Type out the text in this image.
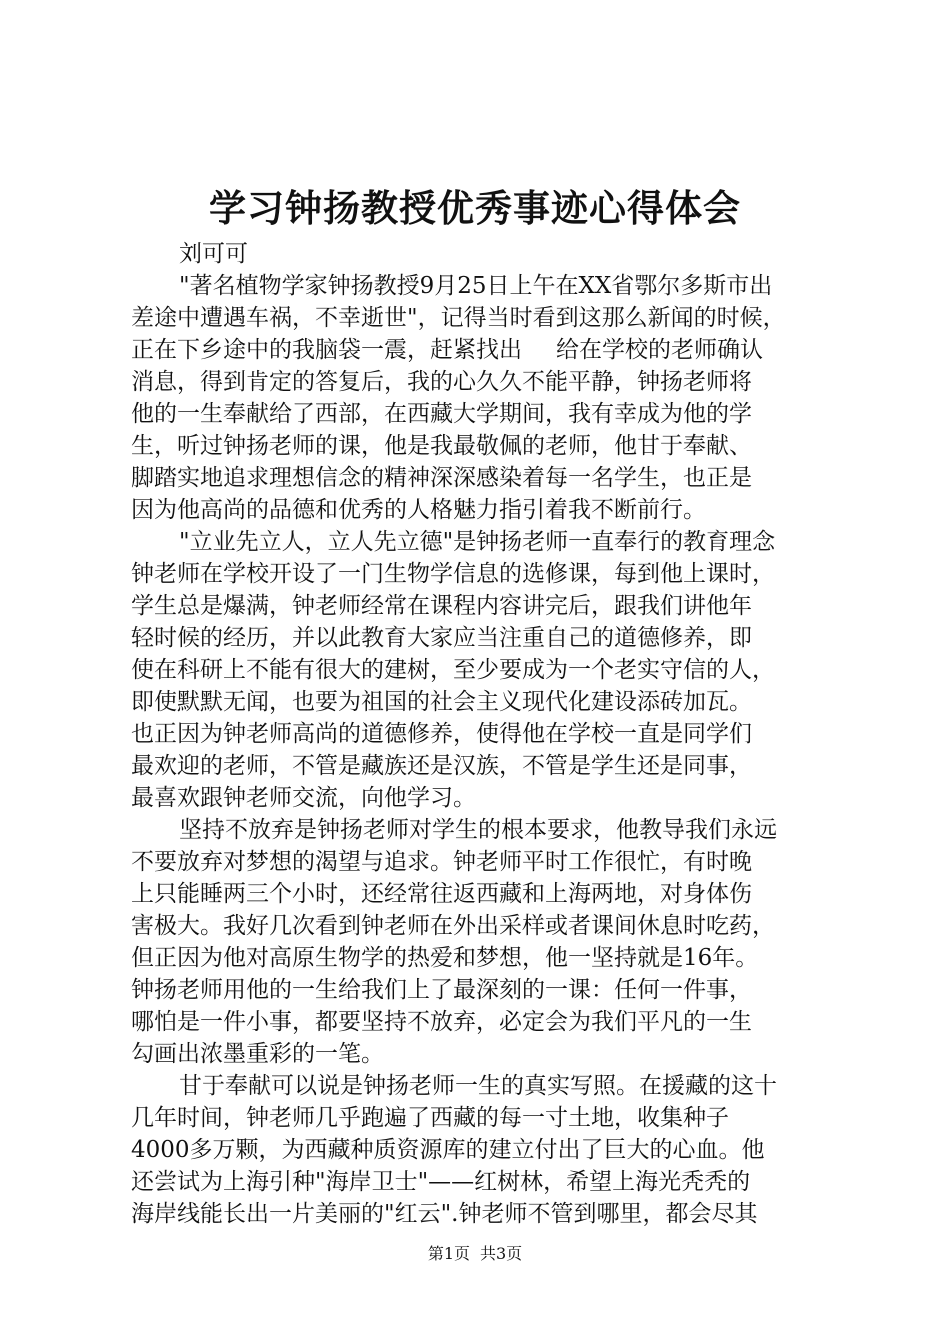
学习钟扬教授优秀事迹心得体会

刘可可

"著名植物学家钟扬教授9月25日上午在XX省鄂尔多斯市出

差途中遭遇车祸，不幸逝世"，记得当时看到这那么新闻的时候，

正在下乡途中的我脑袋一震，赶紧找出 给在学校的老师确认

消息，得到肯定的答复后，我的心久久不能平静，钟扬老师将

他的一生奉献给了西部，在西藏大学期间，我有幸成为他的学

生，听过钟扬老师的课，他是我最敬佩的老师，他甘于奉献、

脚踏实地追求理想信念的精神深深感染着每一名学生，也正是

因为他高尚的品德和优秀的人格魅力指引着我不断前行。

"立业先立人，立人先立德"是钟扬老师一直奉行的教育理念

钟老师在学校开设了一门生物学信息的选修课，每到他上课时，

学生总是爆满，钟老师经常在课程内容讲完后，跟我们讲他年

轻时候的经历，并以此教育大家应当注重自己的道德修养，即

使在科研上不能有很大的建树，至少要成为一个老实守信的人，

即使默默无闻，也要为祖国的社会主义现代化建设添砖加瓦。

也正因为钟老师高尚的道德修养，使得他在学校一直是同学们

最欢迎的老师，不管是藏族还是汉族，不管是学生还是同事，

最喜欢跟钟老师交流，向他学习。

坚持不放弃是钟扬老师对学生的根本要求，他教导我们永远

不要放弃对梦想的渴望与追求。钟老师平时工作很忙，有时晚

上只能睡两三个小时，还经常往返西藏和上海两地，对身体伤

害极大。我好几次看到钟老师在外出采样或者课间休息时吃药，

但正因为他对高原生物学的热爱和梦想，他一坚持就是16年。

钟扬老师用他的一生给我们上了最深刻的一课：任何一件事，

哪怕是一件小事，都要坚持不放弃，必定会为我们平凡的一生

勾画出浓墨重彩的一笔。

甘于奉献可以说是钟扬老师一生的真实写照。在援藏的这十

几年时间，钟老师几乎跑遍了西藏的每一寸土地，收集种子

4000多万颗，为西藏种质资源库的建立付出了巨大的心血。他

还尝试为上海引种"海岸卫士"——红树林，希望上海光秃秃的

海岸线能长出一片美丽的"红云".钟老师不管到哪里，都会尽其

第1页 共3页
